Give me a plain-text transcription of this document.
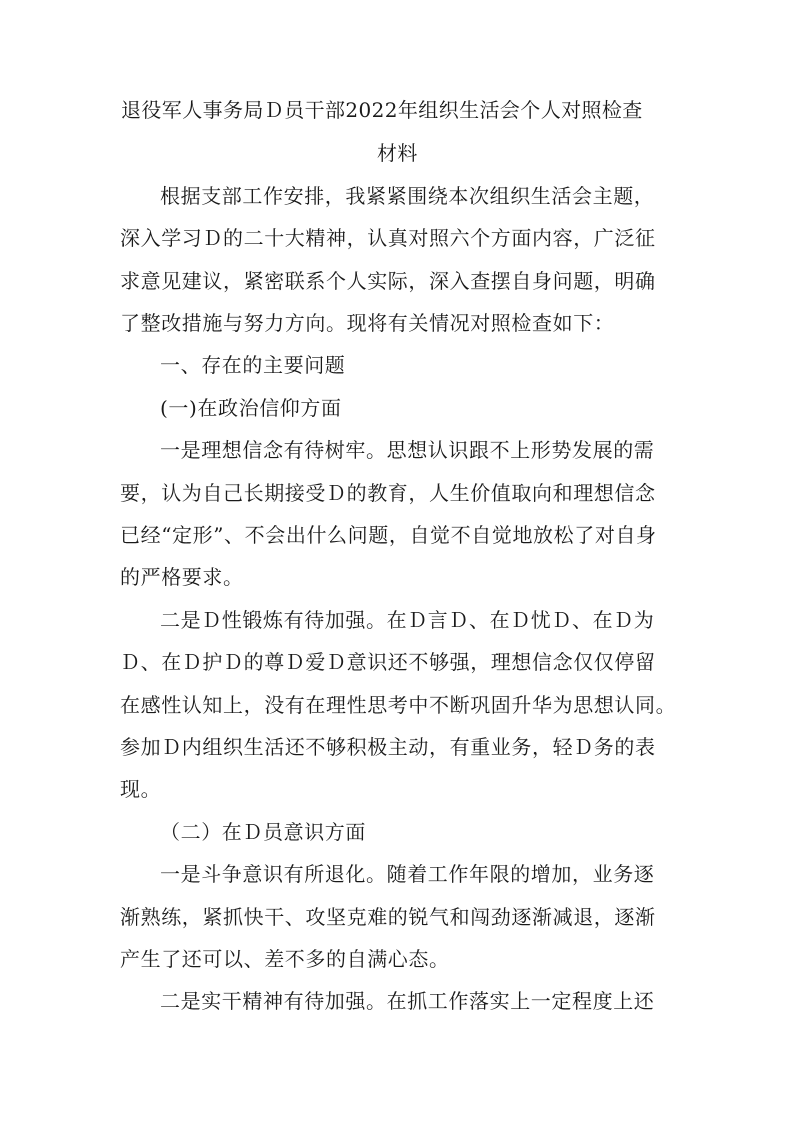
退役军人事务局Ｄ员干部2022年组织生活会个人对照检查
材料
根据支部工作安排，我紧紧围绕本次组织生活会主题，
深入学习Ｄ的二十大精神，认真对照六个方面内容，广泛征
求意见建议，紧密联系个人实际，深入查摆自身问题，明确
了整改措施与努力方向。现将有关情况对照检查如下：
一、存在的主要问题
(一)在政治信仰方面
一是理想信念有待树牢。思想认识跟不上形势发展的需
要，认为自己长期接受Ｄ的教育，人生价值取向和理想信念
已经“定形”、不会出什么问题，自觉不自觉地放松了对自身
的严格要求。
二是Ｄ性锻炼有待加强。在Ｄ言Ｄ、在Ｄ忧Ｄ、在Ｄ为
Ｄ、在Ｄ护Ｄ的尊Ｄ爱Ｄ意识还不够强，理想信念仅仅停留
在感性认知上，没有在理性思考中不断巩固升华为思想认同。
参加Ｄ内组织生活还不够积极主动，有重业务，轻Ｄ务的表
现。
（二）在Ｄ员意识方面
一是斗争意识有所退化。随着工作年限的增加，业务逐
渐熟练，紧抓快干、攻坚克难的锐气和闯劲逐渐减退，逐渐
产生了还可以、差不多的自满心态。
二是实干精神有待加强。在抓工作落实上一定程度上还
